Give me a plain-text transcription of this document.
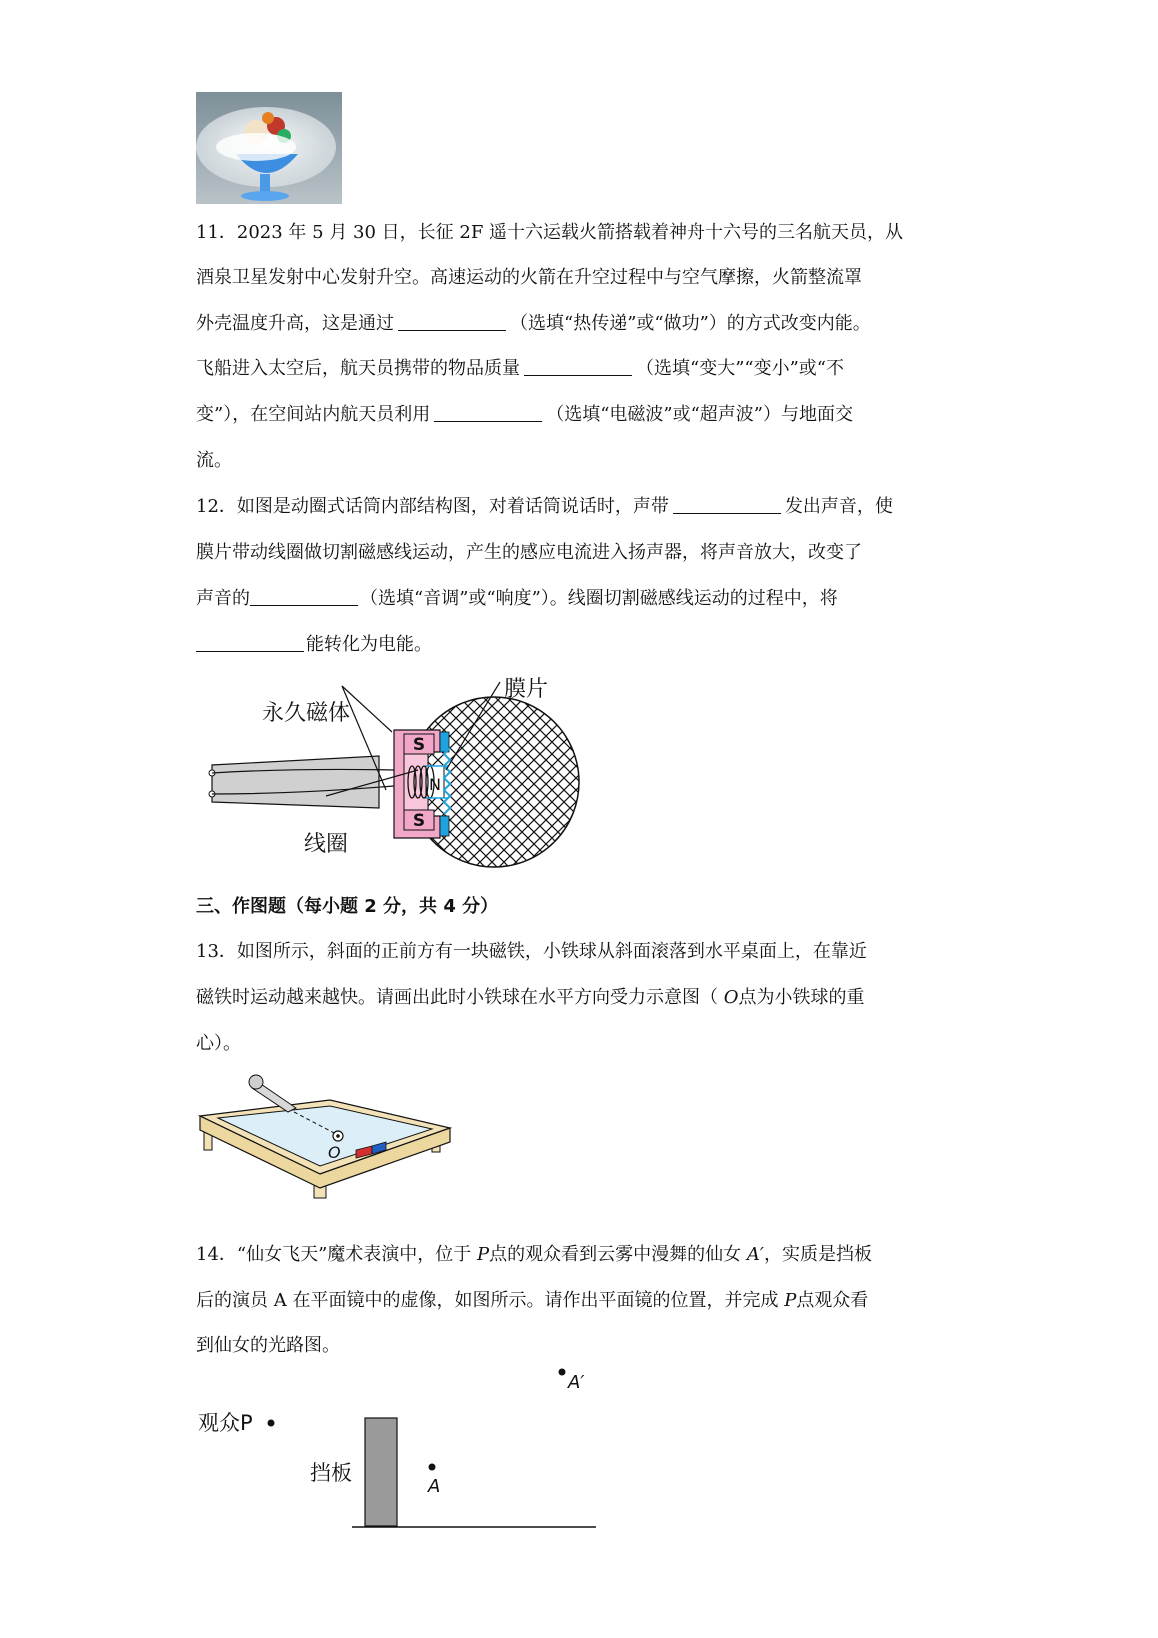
11．2023 年 5 月 30 日，长征 2F 遥十六运载火箭搭载着神舟十六号的三名航天员，从
酒泉卫星发射中心发射升空。高速运动的火箭在升空过程中与空气摩擦，火箭整流罩
外壳温度升高，这是通过	（选填“热传递”或“做功”）的方式改变内能。
飞船进入太空后，航天员携带的物品质量	（选填“变大”“变小”或“不
变”），在空间站内航天员利用	（选填“电磁波”或“超声波”）与地面交
流。
12．如图是动圈式话筒内部结构图，对着话筒说话时，声带	发出声音，使
膜片带动线圈做切割磁感线运动，产生的感应电流进入扬声器，将声音放大，改变了
声音的	（选填“音调”或“响度”）。线圈切割磁感线运动的过程中，将
能转化为电能。
S
S
N
膜片
永久磁体
线圈
三、作图题（每小题 2 分，共 4 分）
13．如图所示，斜面的正前方有一块磁铁，小铁球从斜面滚落到水平桌面上，在靠近
磁铁时运动越来越快。请画出此时小铁球在水平方向受力示意图（ O点为小铁球的重
心）。
O
14．“仙女飞天”魔术表演中，位于 P点的观众看到云雾中漫舞的仙女 A′，实质是挡板
后的演员 A 在平面镜中的虚像，如图所示。请作出平面镜的位置，并完成 P点观众看
到仙女的光路图。
A′
观众P
挡板
A
